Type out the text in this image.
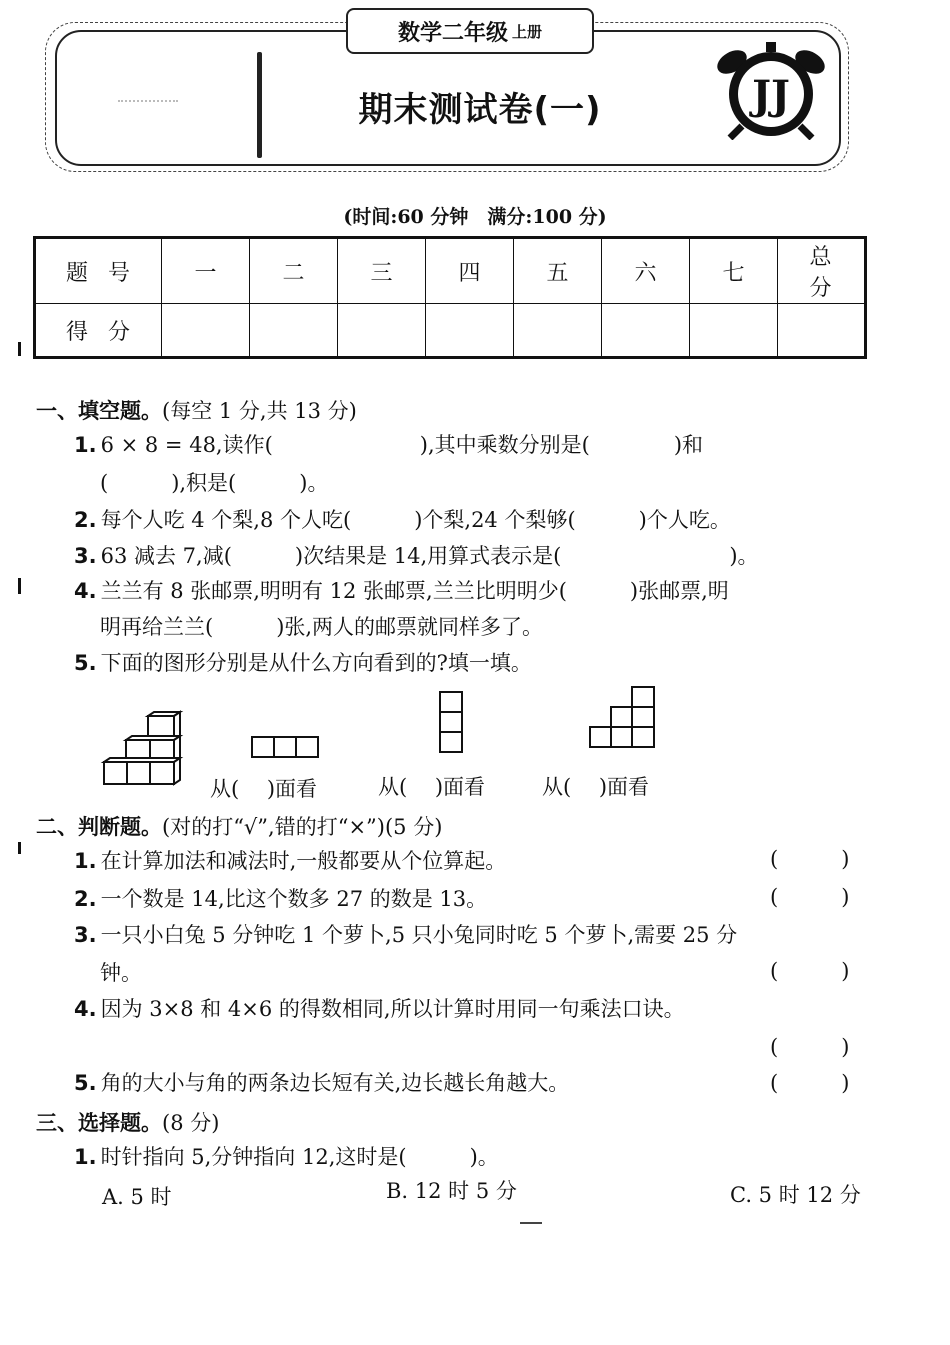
数学二年级 上册
期末测试卷(一)	JJ
(时间:60 分钟　满分:100 分)
题号	一	二	三	四	五	六	七	总分
得分								
一、填空题。(每空 1 分,共 13 分)
1. 6 × 8 = 48,读作(　　　　　　　),其中乘数分别是(　　　　)和
(　　　),积是(　　　)。
2. 每个人吃 4 个梨,8 个人吃(　　　)个梨,24 个梨够(　　　)个人吃。
3. 63 减去 7,减(　　　)次结果是 14,用算式表示是(　　　　　　　　)。
4. 兰兰有 8 张邮票,明明有 12 张邮票,兰兰比明明少(　　　)张邮票,明
明再给兰兰(　　　)张,两人的邮票就同样多了。
5. 下面的图形分别是从什么方向看到的?填一填。
从(　 )面看	从(　 )面看	从(　 )面看
二、判断题。(对的打“√”,错的打“×”)(5 分)
1. 在计算加法和减法时,一般都要从个位算起。	(　　　)
2. 一个数是 14,比这个数多 27 的数是 13。	(　　　)
3. 一只小白兔 5 分钟吃 1 个萝卜,5 只小兔同时吃 5 个萝卜,需要 25 分
钟。	(　　　)
4. 因为 3×8 和 4×6 的得数相同,所以计算时用同一句乘法口诀。
(　　　)
5. 角的大小与角的两条边长短有关,边长越长角越大。	(　　　)
三、选择题。(8 分)
1. 时针指向 5,分钟指向 12,这时是(　　　)。
A. 5 时	B. 12 时 5 分	C. 5 时 12 分
